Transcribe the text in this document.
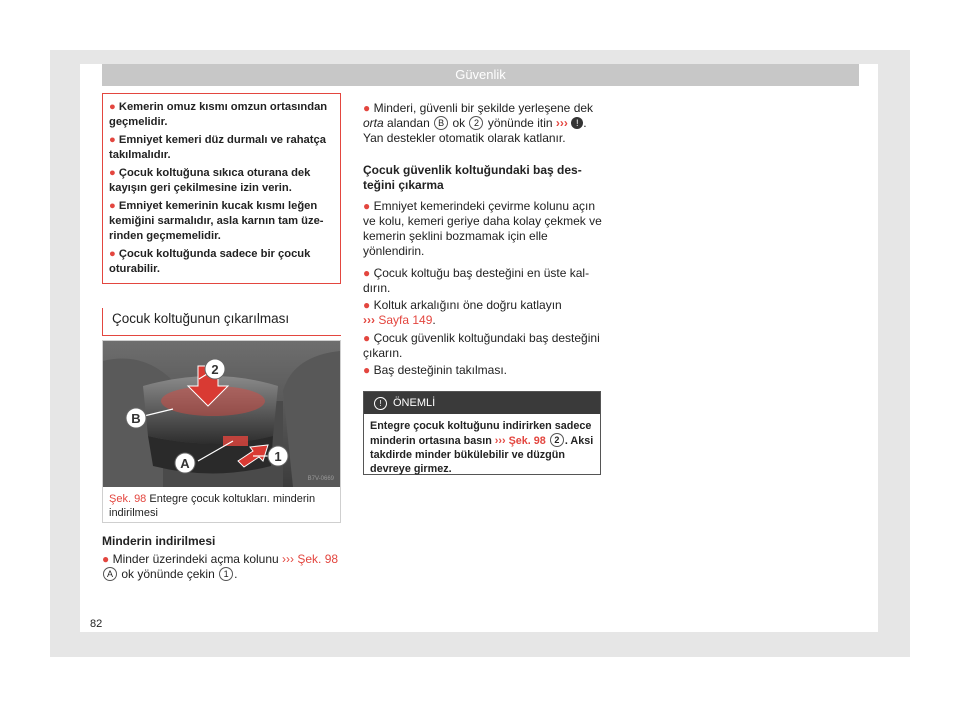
Güvenlik
● Kemerin omuz kısmı omzun ortasından geçmelidir.
● Emniyet kemeri düz durmalı ve rahatça takılmalıdır.
● Çocuk koltuğuna sıkıca oturana dek kayışın geri çekilmesine izin verin.
● Emniyet kemerinin kucak kısmı leğen kemiğini sarmalıdır, asla karnın tam üzerinden geçmemelidir.
● Çocuk koltuğunda sadece bir çocuk oturabilir.
Çocuk koltuğunun çıkarılması
2
B
A	1
B7V-0669
Şek. 98 Entegre çocuk koltukları. minderin indirilmesi
Minderin indirilmesi
● Minder üzerindeki açma kolunu ››› Şek. 98 A ok yönünde çekin 1 .
● Minderi, güvenli bir şekilde yerleşene dek orta alandan B ok 2 yönünde itin ››› ! .
Yan destekler otomatik olarak katlanır.
Çocuk güvenlik koltuğundaki baş desteğini çıkarma
● Emniyet kemerindeki çevirme kolunu açın ve kolu, kemeri geriye daha kolay çekmek ve kemerin şeklini bozmamak için elle yönlendirin.
● Çocuk koltuğu baş desteğini en üste kaldırın.
● Koltuk arkalığını öne doğru katlayın
››› Sayfa 149.
● Çocuk güvenlik koltuğundaki baş desteğini çıkarın.
● Baş desteğinin takılması.
! ÖNEMLİ
Entegre çocuk koltuğunu indirirken sadece minderin ortasına basın ››› Şek. 98 2 . Aksi takdirde minder bükülebilir ve düzgün devreye girmez.
82
